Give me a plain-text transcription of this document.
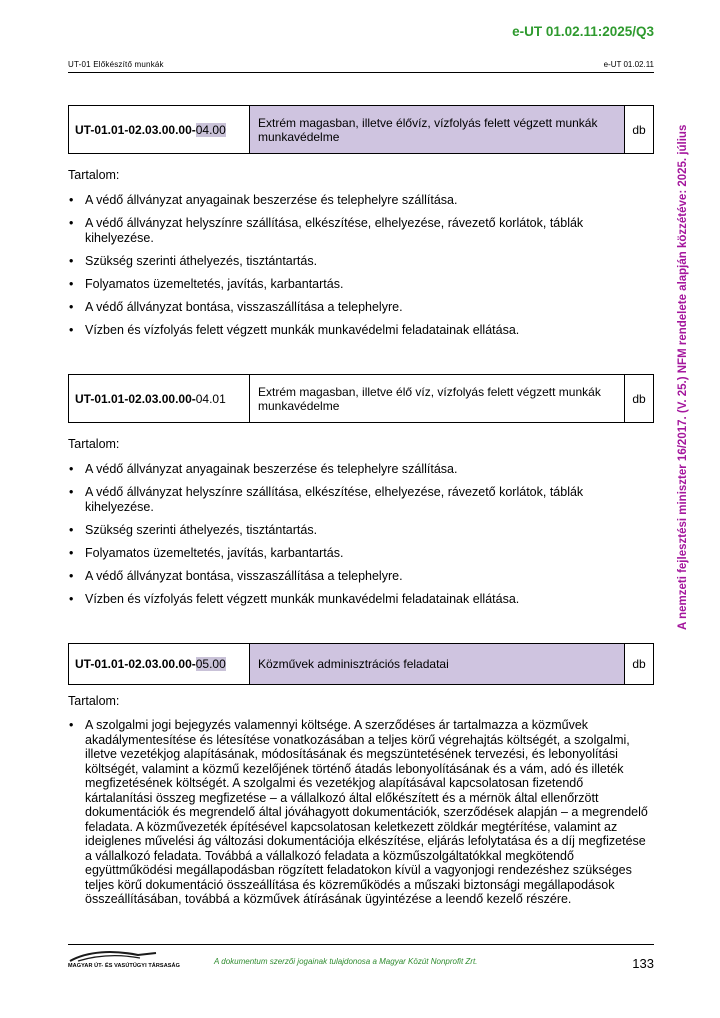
e-UT 01.02.11:2025/Q3
UT-01 Előkészítő munkák	e-UT 01.02.11
A nemzeti fejlesztési miniszter 16/2017. (V. 25.) NFM rendelete alapján közzétéve: 2025. július
UT-01.01-02.03.00.00-04.00	Extrém magasban, illetve élővíz, vízfolyás felett végzett munkák munkavédelme	db
Tartalom:
• A védő állványzat anyagainak beszerzése és telephelyre szállítása.
• A védő állványzat helyszínre szállítása, elkészítése, elhelyezése, rávezető korlátok, táblák kihelyezése.
• Szükség szerinti áthelyezés, tisztántartás.
• Folyamatos üzemeltetés, javítás, karbantartás.
• A védő állványzat bontása, visszaszállítása a telephelyre.
• Vízben és vízfolyás felett végzett munkák munkavédelmi feladatainak ellátása.
UT-01.01-02.03.00.00-04.01	Extrém magasban, illetve élő víz, vízfolyás felett végzett munkák munkavédelme	db
Tartalom:
• A védő állványzat anyagainak beszerzése és telephelyre szállítása.
• A védő állványzat helyszínre szállítása, elkészítése, elhelyezése, rávezető korlátok, táblák kihelyezése.
• Szükség szerinti áthelyezés, tisztántartás.
• Folyamatos üzemeltetés, javítás, karbantartás.
• A védő állványzat bontása, visszaszállítása a telephelyre.
• Vízben és vízfolyás felett végzett munkák munkavédelmi feladatainak ellátása.
UT-01.01-02.03.00.00-05.00	Közművek adminisztrációs feladatai	db
Tartalom:
• A szolgalmi jogi bejegyzés valamennyi költsége. A szerződéses ár tartalmazza a közművek akadálymentesítése és létesítése vonatkozásában a teljes körű végrehajtás költségét, a szolgalmi, illetve vezetékjog alapításának, módosításának és megszüntetésének tervezési, és lebonyolítási költségét, valamint a közmű kezelőjének történő átadás lebonyolításának és a vám, adó és illeték megfizetésének költségét. A szolgalmi és vezetékjog alapításával kapcsolatosan fizetendő kártalanítási összeg megfizetése – a vállalkozó által előkészített és a mérnök által ellenőrzött dokumentációk és megrendelő által jóváhagyott dokumentációk, szerződések alapján – a megrendelő feladata. A közművezeték építésével kapcsolatosan keletkezett zöldkár megtérítése, valamint az ideiglenes művelési ág változási dokumentációja elkészítése, eljárás lefolytatása és a díj megfizetése a vállalkozó feladata. Továbbá a vállalkozó feladata a közműszolgáltatókkal megkötendő együttműködési megállapodásban rögzített feladatokon kívül a vagyonjogi rendezéshez szükséges teljes körű dokumentáció összeállítása és közreműködés a műszaki biztonsági megállapodások összeállításában, továbbá a közművek átírásának ügyintézése a leendő kezelő részére.
MAGYAR ÚT- ÉS VASÚTÜGYI TÁRSASÁG	A dokumentum szerzői jogainak tulajdonosa a Magyar Közút Nonprofit Zrt.	133
